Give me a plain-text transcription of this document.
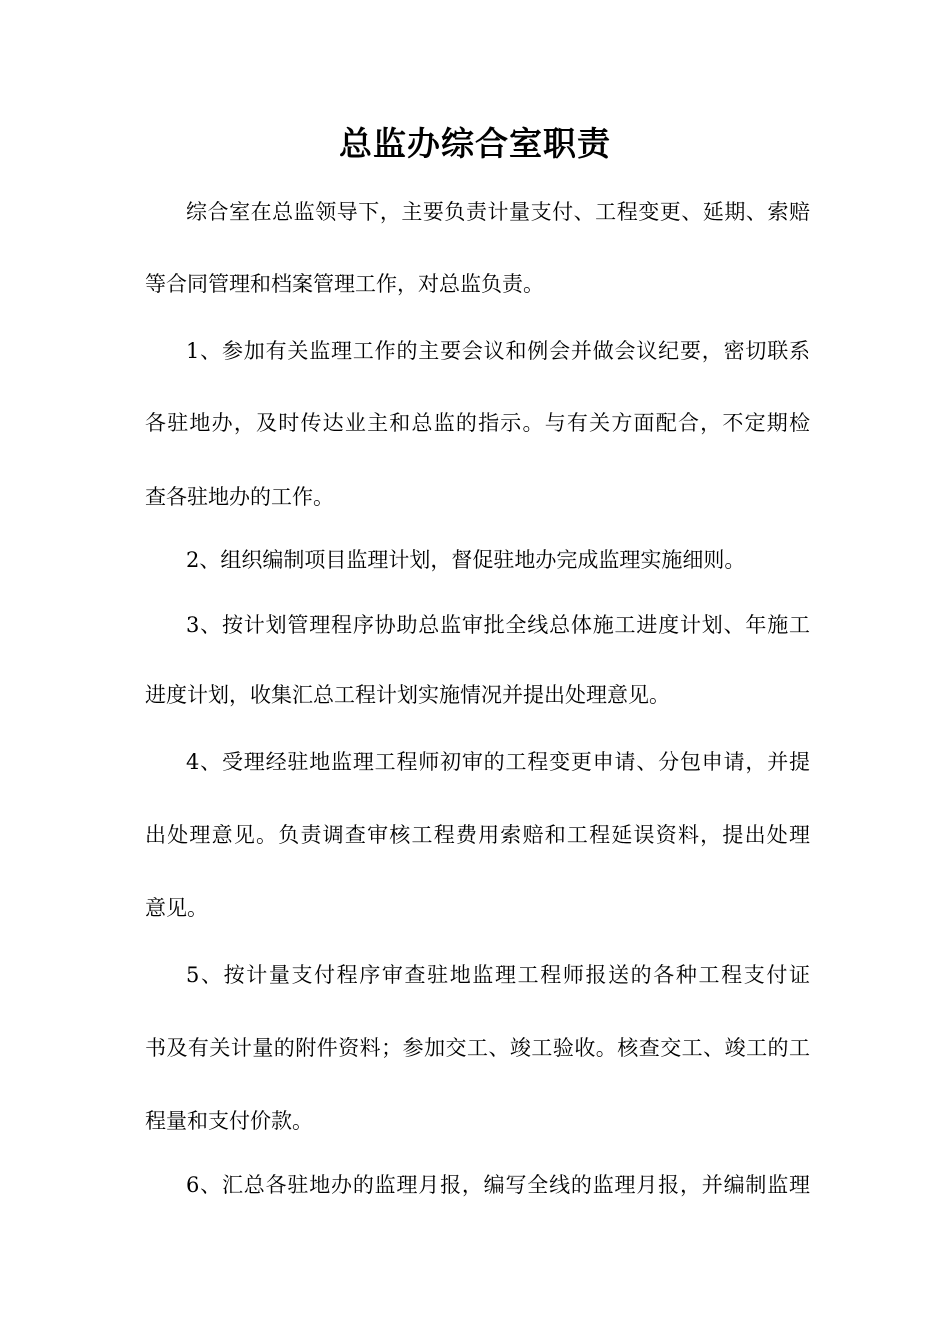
总监办综合室职责
综合室在总监领导下，主要负责计量支付、工程变更、延期、索赔
等合同管理和档案管理工作，对总监负责。
1、参加有关监理工作的主要会议和例会并做会议纪要，密切联系
各驻地办，及时传达业主和总监的指示。与有关方面配合，不定期检
查各驻地办的工作。
2、组织编制项目监理计划，督促驻地办完成监理实施细则。
3、按计划管理程序协助总监审批全线总体施工进度计划、年施工
进度计划，收集汇总工程计划实施情况并提出处理意见。
4、受理经驻地监理工程师初审的工程变更申请、分包申请，并提
出处理意见。负责调查审核工程费用索赔和工程延误资料，提出处理
意见。
5、按计量支付程序审查驻地监理工程师报送的各种工程支付证
书及有关计量的附件资料；参加交工、竣工验收。核查交工、竣工的工
程量和支付价款。
6、汇总各驻地办的监理月报，编写全线的监理月报，并编制监理
